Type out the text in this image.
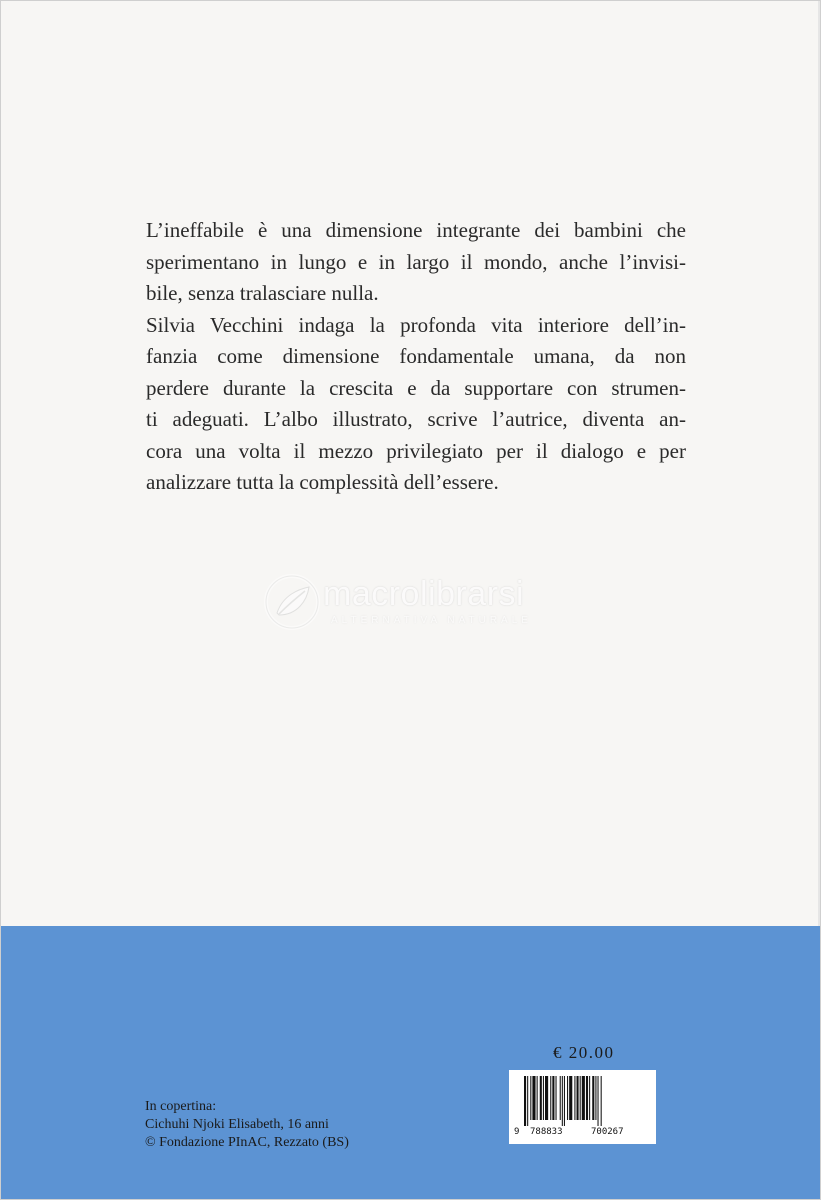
L’ineffabile è una dimensione integrante dei bambini che
sperimentano in lungo e in largo il mondo, anche l’invisi-
bile, senza tralasciare nulla.
Silvia Vecchini indaga la profonda vita interiore dell’in-
fanzia come dimensione fondamentale umana, da non
perdere durante la crescita e da supportare con strumen-
ti adeguati. L’albo illustrato, scrive l’autrice, diventa an-
cora una volta il mezzo privilegiato per il dialogo e per
analizzare tutta la complessità dell’essere.
macrolibrarsi
ALTERNATIVA NATURALE
€ 20.00
9 788833	700267
In copertina:
Cichuhi Njoki Elisabeth, 16 anni
© Fondazione PInAC, Rezzato (BS)
